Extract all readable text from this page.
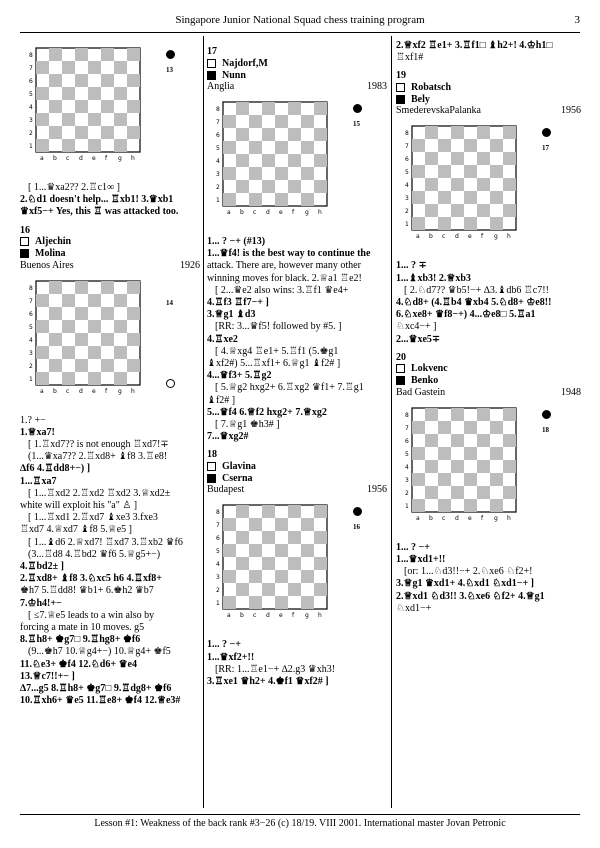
Singapore Junior National Squad chess training program	3
8
a
7
b
6
c
5
d
4
e
3
f
2
g
1
h
13
[ 1...♛xa2?? 2.♖c1∞ ]
2.♘d1 doesn't help... ♖xb1! 3.♛xb1
♛xf5−+ Yes, this ♖ was attacked too.
16
Aljechin
Molina
Buenos Aires	1926
8
a
7
b
6
c
5
d
4
e
3
f
2
g
1
h
14
1.? +−
1.♕xa7!
[ 1.♖xd7?? is not enough ♖xd7!∓
(1...♛xa7?? 2.♖xd8+ ♝f8 3.♖e8!
∆f6 4.♖dd8+−) ]
1...♖xa7
[ 1...♖xd2 2.♖xd2 ♖xd2 3.♕xd2±
white will exploit his "a" ♙ ]
[ 1...♖xd1 2.♖xd7 ♝xe3 3.fxe3
♖xd7 4.♕xd7 ♝f8 5.♕e5 ]
[ 1...♝d6 2.♕xd7! ♖xd7 3.♖xb2 ♛f6
(3...♖d8 4.♖bd2 ♛f6 5.♕g5+−)
4.♖bd2± ]
2.♖xd8+ ♝f8 3.♘xc5 h6 4.♖xf8+
♚h7 5.♖dd8! ♛b1+ 6.♚h2 ♛b7
7.♔h4!+−
[ ≤7.♕e5 leads to a win also by
forcing a mate in 10 moves. g5
8.♖h8+ ♚g7□ 9.♖hg8+ ♚f6
(9...♚h7 10.♕g4+−) 10.♕g4+ ♚f5
11.♘e3+ ♚f4 12.♘d6+ ♛e4
13.♕c7!!+− ]
∆7...g5 8.♖h8+ ♚g7□ 9.♖dg8+ ♚f6
10.♖xh6+ ♛e5 11.♖e8+ ♚f4 12.♕e3#
17
Najdorf,M
Nunn
Anglia	1983
8
a
7
b
6
c
5
d
4
e
3
f
2
g
1
h
15
1... ? −+ (#13)
1...♛f4! is the best way to continue the
attack. There are, however many other
winning moves for black. 2.♕a1 ♖e2!
[ 2...♛e2 also wins: 3.♖f1 ♛e4+
4.♖f3 ♖f7−+ ]
3.♕g1 ♝d3
[RR: 3...♛f5! followed by #5. ]
4.♖xe2
[ 4.♕xg4 ♖e1+ 5.♖f1 (5.♚g1
♝xf2#) 5...♖xf1+ 6.♕g1 ♝f2# ]
4...♛f3+ 5.♖g2
[ 5.♕g2 hxg2+ 6.♖xg2 ♛f1+ 7.♖g1
♝f2# ]
5...♛f4 6.♕f2 hxg2+ 7.♕xg2
[ 7.♕g1 ♚h3# ]
7...♛xg2#
18
Glavina
Cserna
Budapest	1956
8
a
7
b
6
c
5
d
4
e
3
f
2
g
1
h
16
1... ? −+
1...♛xf2+!!
[RR: 1...♖e1−+ ∆2.g3 ♛xh3!
3.♖xe1 ♛h2+ 4.♚f1 ♛xf2# ]
2.♕xf2 ♖e1+ 3.♖f1□ ♝h2+! 4.♔h1□
♖xf1#
19
Robatsch
Bely
SmederevskaPalanka	1956
8
a
7
b
6
c
5
d
4
e
3
f
2
g
1
h
17
1... ? ∓
1...♝xb3! 2.♕xb3
[ 2.♘d7?? ♛b5!−+ ∆3.♝db6 ♖c7!!
4.♘d8+ (4.♖b4 ♛xb4 5.♘d8+ ♔e8!!
6.♘xe8+ ♛f8−+) 4...♔e8□ 5.♖a1
♘xc4−+ ]
2...♛xe5∓
20
Lokvenc
Benko
Bad Gastein	1948
8
a
7
b
6
c
5
d
4
e
3
f
2
g
1
h
18
1... ? −+
1...♛xd1+!!
[or: 1...♘d3!!−+ 2.♘xe6 ♘f2+!
3.♕g1 ♛xd1+ 4.♘xd1 ♘xd1−+ ]
2.♕xd1 ♘d3!! 3.♘xe6 ♘f2+ 4.♕g1
♘xd1−+
Lesson #1: Weakness of the back rank #3−26 (c) 18/19. VIII 2001. International master Jovan Petronic
